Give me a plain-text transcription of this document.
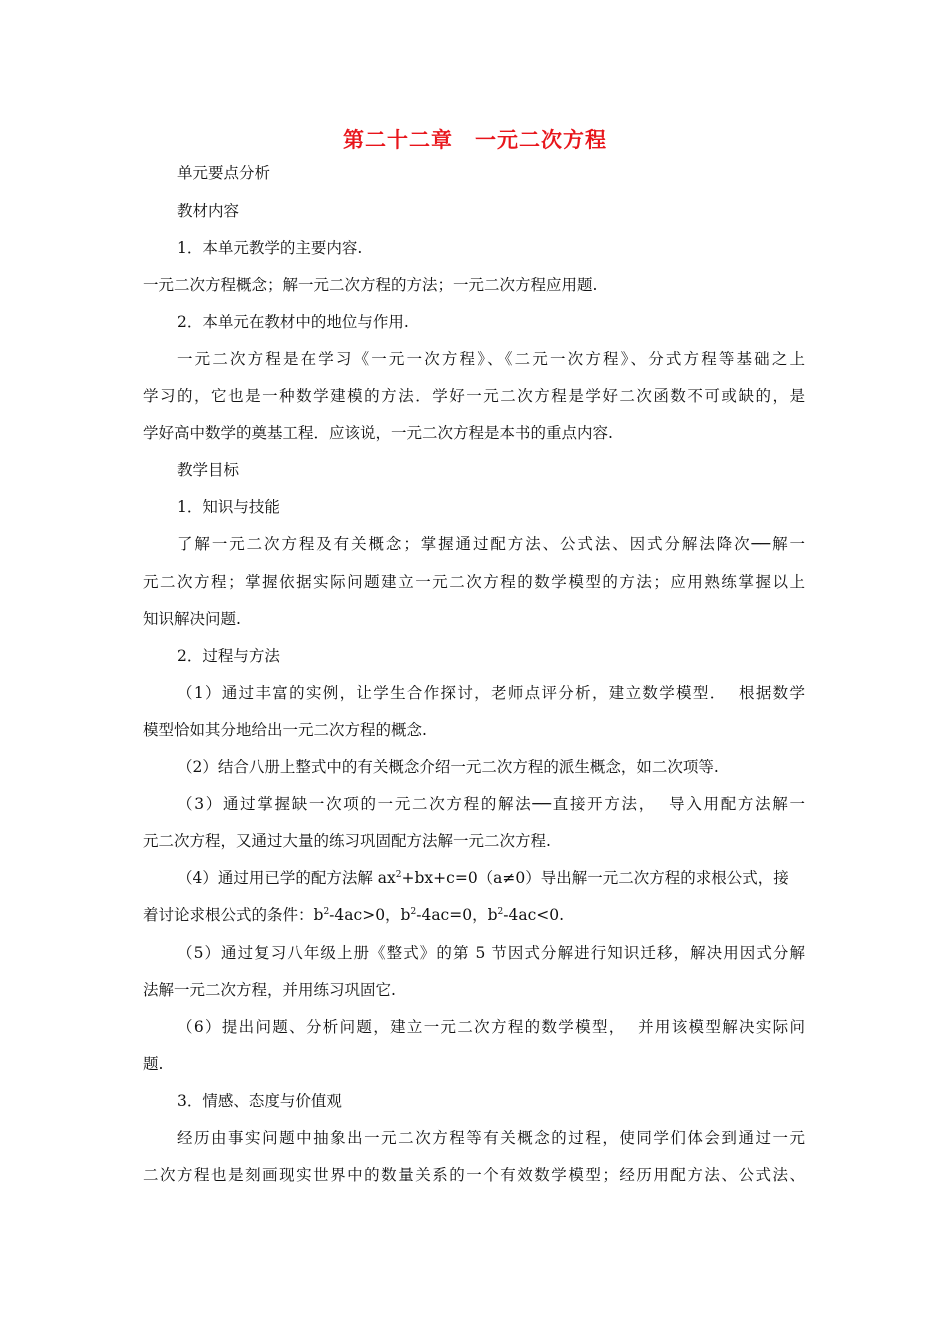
第二十二章　一元二次方程
单元要点分析
教材内容
1．本单元教学的主要内容.
一元二次方程概念；解一元二次方程的方法；一元二次方程应用题.
2．本单元在教材中的地位与作用.
一元二次方程是在学习《一元一次方程》、《二元一次方程》、分式方程等基础之上
学习的，它也是一种数学建模的方法．学好一元二次方程是学好二次函数不可或缺的，是
学好高中数学的奠基工程．应该说，一元二次方程是本书的重点内容.
教学目标
1．知识与技能
了解一元二次方程及有关概念；掌握通过配方法、公式法、因式分解法降次──解一
元二次方程；掌握依据实际问题建立一元二次方程的数学模型的方法；应用熟练掌握以上
知识解决问题.
2．过程与方法
（1）通过丰富的实例，让学生合作探讨，老师点评分析，建立数学模型．  根据数学
模型恰如其分地给出一元二次方程的概念.
（2）结合八册上整式中的有关概念介绍一元二次方程的派生概念，如二次项等.
（3）通过掌握缺一次项的一元二次方程的解法──直接开方法，  导入用配方法解一
元二次方程，又通过大量的练习巩固配方法解一元二次方程.
（4）通过用已学的配方法解 $ax^2+bx+c=0(a\ne 0)$导出解一元二次方程的求根公式，接
着讨论求根公式的条件：$b^2-4ac>0$，$b^2-4ac=0$，$b^2-4ac<0$.
（5）通过复习八年级上册《整式》的第 5 节因式分解进行知识迁移，解决用因式分解
法解一元二次方程，并用练习巩固它.
（6）提出问题、分析问题，建立一元二次方程的数学模型，  并用该模型解决实际问
题.
3．情感、态度与价值观
经历由事实问题中抽象出一元二次方程等有关概念的过程，使同学们体会到通过一元
二次方程也是刻画现实世界中的数量关系的一个有效数学模型；经历用配方法、公式法、
